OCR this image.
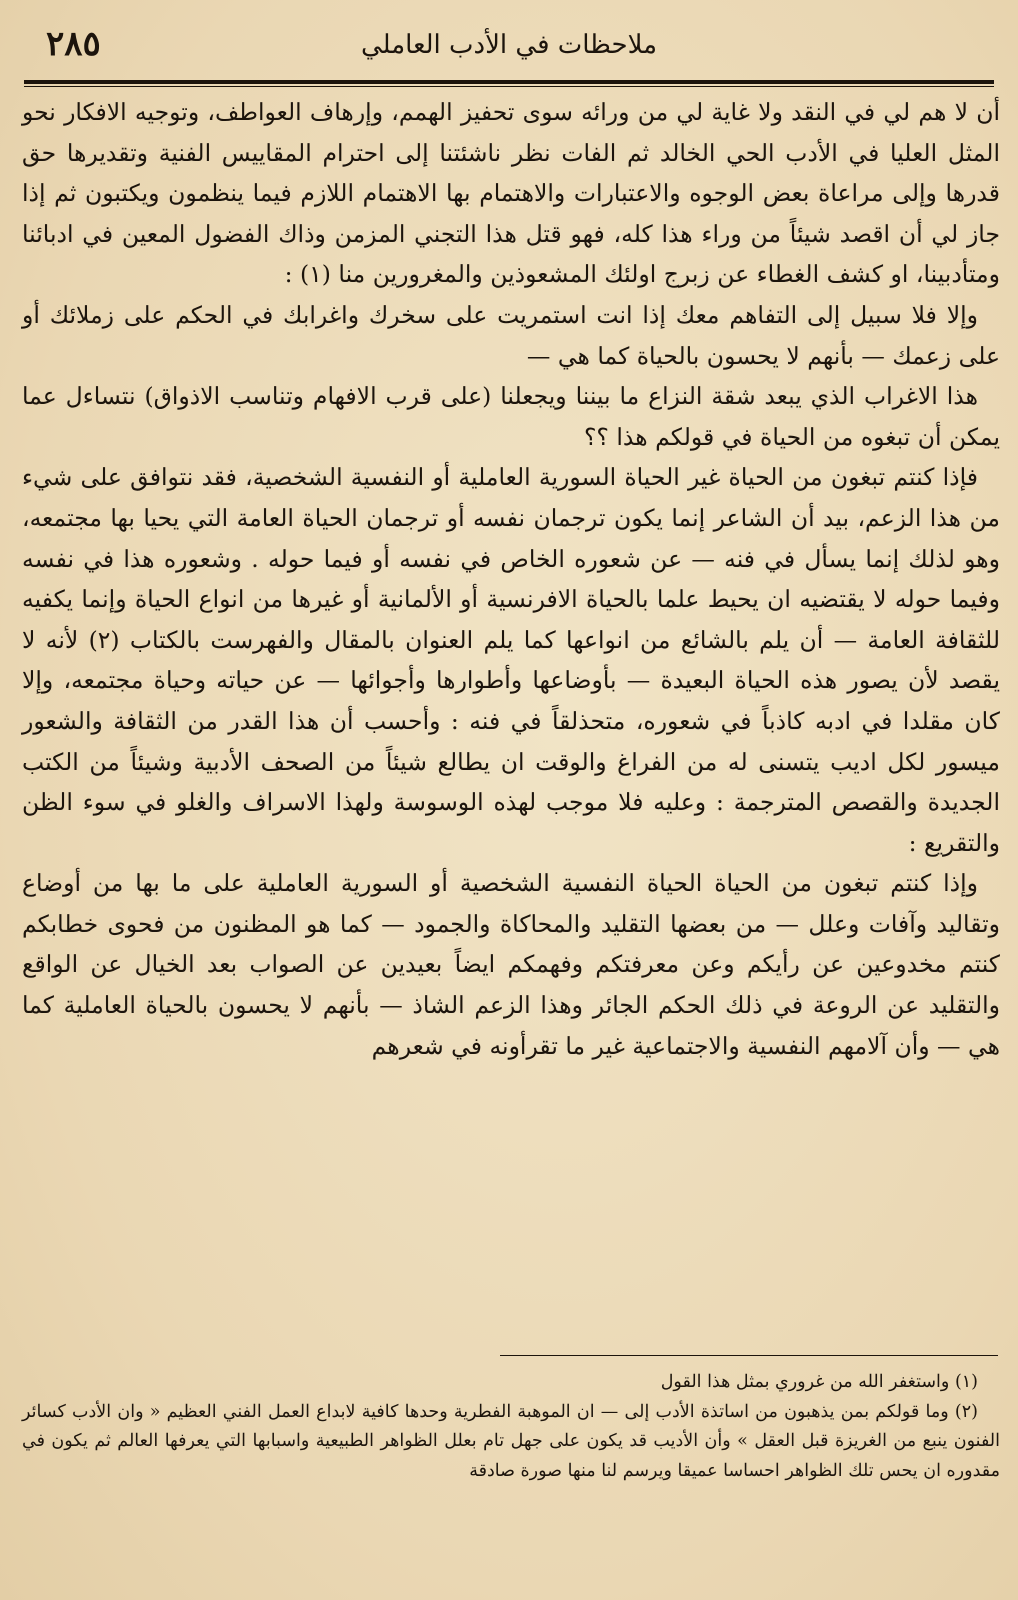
٢٨٥	ملاحظات في الأدب العاملي

أن لا هم لي في النقد ولا غاية لي من ورائه سوى تحفيز الهمم، وإرهاف العواطف، وتوجيه الافكار نحو المثل العليا في الأدب الحي الخالد ثم الفات نظر ناشئتنا إلى احترام المقاييس الفنية وتقديرها حق قدرها وإلى مراعاة بعض الوجوه والاعتبارات والاهتمام بها الاهتمام اللازم فيما ينظمون ويكتبون ثم إذا جاز لي أن اقصد شيئاً من وراء هذا كله، فهو قتل هذا التجني المزمن وذاك الفضول المعين في ادبائنا ومتأدبينا، او كشف الغطاء عن زبرج اولئك المشعوذين والمغرورين منا (١) :

وإلا فلا سبيل إلى التفاهم معك إذا انت استمريت على سخرك واغرابك في الحكم على زملائك أو على زعمك — بأنهم لا يحسون بالحياة كما هي —

هذا الاغراب الذي يبعد شقة النزاع ما بيننا ويجعلنا (على قرب الافهام وتناسب الاذواق) نتساءل عما يمكن أن تبغوه من الحياة في قولكم هذا ؟؟

فإذا كنتم تبغون من الحياة غير الحياة السورية العاملية أو النفسية الشخصية، فقد نتوافق على شيء من هذا الزعم، بيد أن الشاعر إنما يكون ترجمان نفسه أو ترجمان الحياة العامة التي يحيا بها مجتمعه، وهو لذلك إنما يسأل في فنه — عن شعوره الخاص في نفسه أو فيما حوله . وشعوره هذا في نفسه وفيما حوله لا يقتضيه ان يحيط علما بالحياة الافرنسية أو الألمانية أو غيرها من انواع الحياة وإنما يكفيه للثقافة العامة — أن يلم بالشائع من انواعها كما يلم العنوان بالمقال والفهرست بالكتاب (٢) لأنه لا يقصد لأن يصور هذه الحياة البعيدة — بأوضاعها وأطوارها وأجوائها — عن حياته وحياة مجتمعه، وإلا كان مقلدا في ادبه كاذباً في شعوره، متحذلقاً في فنه : وأحسب أن هذا القدر من الثقافة والشعور ميسور لكل اديب يتسنى له من الفراغ والوقت ان يطالع شيئاً من الصحف الأدبية وشيئاً من الكتب الجديدة والقصص المترجمة : وعليه فلا موجب لهذه الوسوسة ولهذا الاسراف والغلو في سوء الظن والتقريع :

وإذا كنتم تبغون من الحياة الحياة النفسية الشخصية أو السورية العاملية على ما بها من أوضاع وتقاليد وآفات وعلل — من بعضها التقليد والمحاكاة والجمود — كما هو المظنون من فحوى خطابكم كنتم مخدوعين عن رأيكم وعن معرفتكم وفهمكم ايضاً بعيدين عن الصواب بعد الخيال عن الواقع والتقليد عن الروعة في ذلك الحكم الجائر وهذا الزعم الشاذ — بأنهم لا يحسون بالحياة العاملية كما هي — وأن آلامهم النفسية والاجتماعية غير ما تقرأونه في شعرهم

(١) واستغفر الله من غروري بمثل هذا القول

(٢) وما قولكم بمن يذهبون من اساتذة الأدب إلى — ان الموهبة الفطرية وحدها كافية لابداع العمل الفني العظيم « وان الأدب كسائر الفنون ينبع من الغريزة قبل العقل » وأن الأديب قد يكون على جهل تام بعلل الظواهر الطبيعية واسبابها التي يعرفها العالم ثم يكون في مقدوره ان يحس تلك الظواهر احساسا عميقا ويرسم لنا منها صورة صادقة
